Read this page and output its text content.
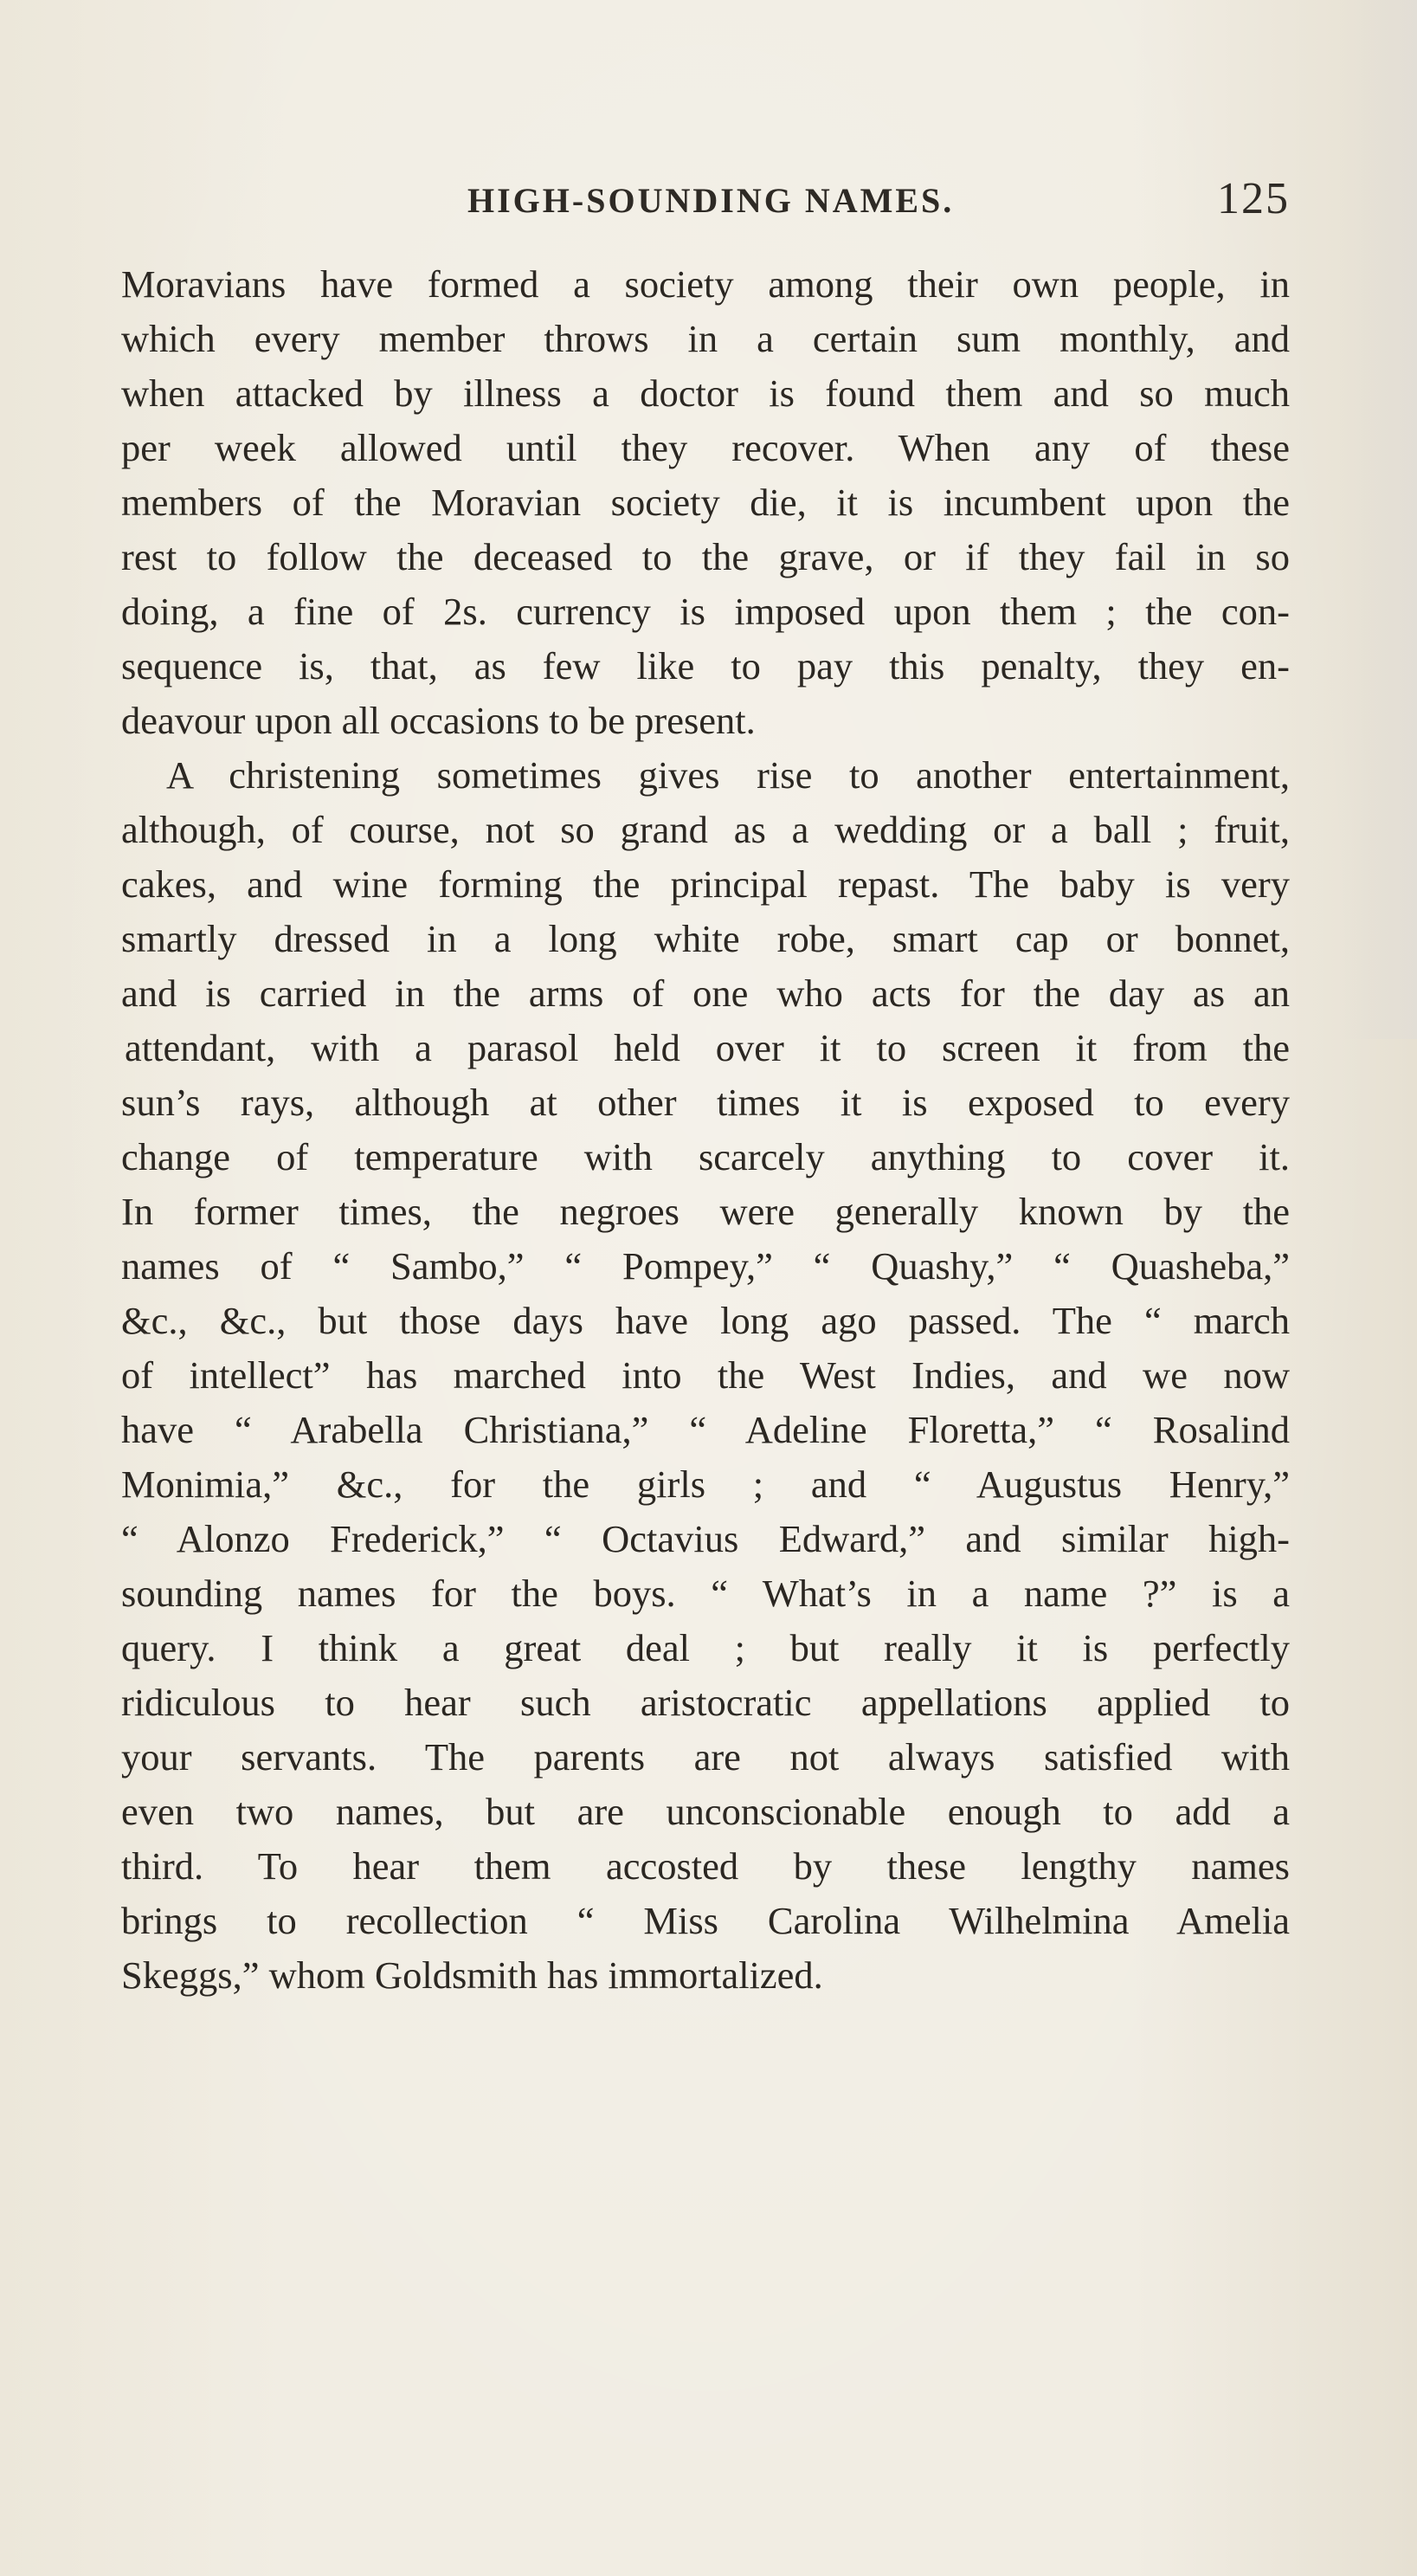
HIGH-SOUNDING NAMES.	125
Moravians have formed a society among their own people, in
which every member throws in a certain sum monthly, and
when attacked by illness a doctor is found them and so much
per week allowed until they recover. When any of these
members of the Moravian society die, it is incumbent upon the
rest to follow the deceased to the grave, or if they fail in so
doing, a fine of 2s. currency is imposed upon them ; the con-
sequence is, that, as few like to pay this penalty, they en-
deavour upon all occasions to be present.
A christening sometimes gives rise to another entertainment,
although, of course, not so grand as a wedding or a ball ; fruit,
cakes, and wine forming the principal repast. The baby is very
smartly dressed in a long white robe, smart cap or bonnet,
and is carried in the arms of one who acts for the day as an
attendant, with a parasol held over it to screen it from the
sun’s rays, although at other times it is exposed to every
change of temperature with scarcely anything to cover it.
In former times, the negroes were generally known by the
names of “ Sambo,” “ Pompey,” “ Quashy,” “ Quasheba,”
&c., &c., but those days have long ago passed. The “ march
of intellect” has marched into the West Indies, and we now
have “ Arabella Christiana,” “ Adeline Floretta,” “ Rosalind
Monimia,” &c., for the girls ; and “ Augustus Henry,”
“ Alonzo Frederick,” “ Octavius Edward,” and similar high-
sounding names for the boys. “ What’s in a name ?” is a
query. I think a great deal ; but really it is perfectly
ridiculous to hear such aristocratic appellations applied to
your servants. The parents are not always satisfied with
even two names, but are unconscionable enough to add a
third. To hear them accosted by these lengthy names
brings to recollection “ Miss Carolina Wilhelmina Amelia
Skeggs,” whom Goldsmith has immortalized.
